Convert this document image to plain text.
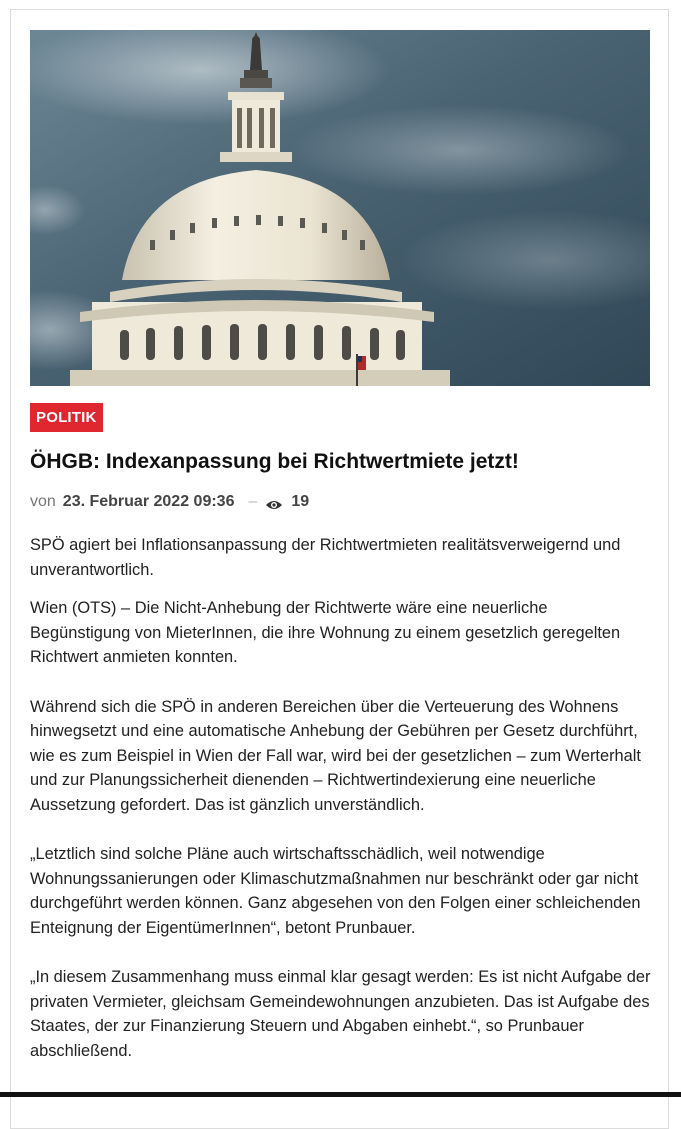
POLITIK
ÖHGB: Indexanpassung bei Richtwertmiete jetzt!
von 23. Februar 2022 09:36 – 19

SPÖ agiert bei Inflationsanpassung der Richtwertmieten realitätsverweigernd und unverantwortlich.

Wien (OTS) – Die Nicht-Anhebung der Richtwerte wäre eine neuerliche Begünstigung von MieterInnen, die ihre Wohnung zu einem gesetzlich geregelten Richtwert anmieten konnten.

Während sich die SPÖ in anderen Bereichen über die Verteuerung des Wohnens hinwegsetzt und eine automatische Anhebung der Gebühren per Gesetz durchführt, wie es zum Beispiel in Wien der Fall war, wird bei der gesetzlichen – zum Werterhalt und zur Planungssicherheit dienenden – Richtwertindexierung eine neuerliche Aussetzung gefordert. Das ist gänzlich unverständlich.

„Letztlich sind solche Pläne auch wirtschaftsschädlich, weil notwendige Wohnungssanierungen oder Klimaschutzmaßnahmen nur beschränkt oder gar nicht durchgeführt werden können. Ganz abgesehen von den Folgen einer schleichenden Enteignung der EigentümerInnen“, betont Prunbauer.

„In diesem Zusammenhang muss einmal klar gesagt werden: Es ist nicht Aufgabe der privaten Vermieter, gleichsam Gemeindewohnungen anzubieten. Das ist Aufgabe des Staates, der zur Finanzierung Steuern und Abgaben einhebt.“, so Prunbauer abschließend.
